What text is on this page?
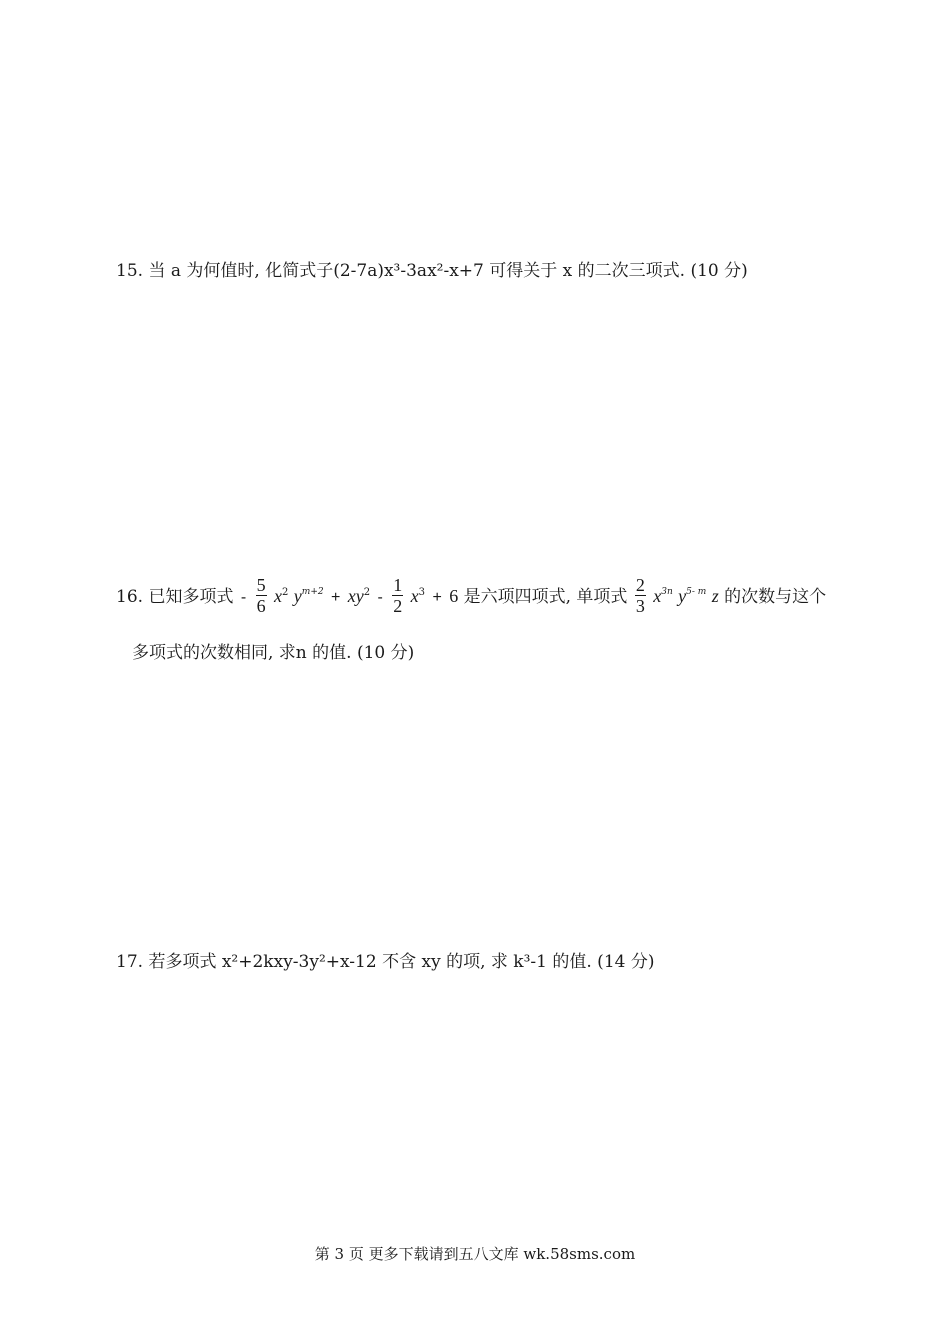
15. 当 a 为何值时, 化简式子(2-7a)x³-3ax²-x+7 可得关于 x 的二次三项式. (10 分)
16. 已知多项式 - $\frac{5}{6} x^2$ $y^{m+2} + xy^2 - \frac{1}{2} x^3 + 6$ 是六项四项式, 单项式 $\frac{2}{3} x^{3n}$ $y^{5- m}$ z 的次数与这个
多项式的次数相同, 求n 的值. (10 分)
17. 若多项式 x²+2kxy-3y²+x-12 不含 xy 的项, 求 k³-1 的值. (14 分)
第 3 页 更多下载请到五八文库 wk.58sms.com
